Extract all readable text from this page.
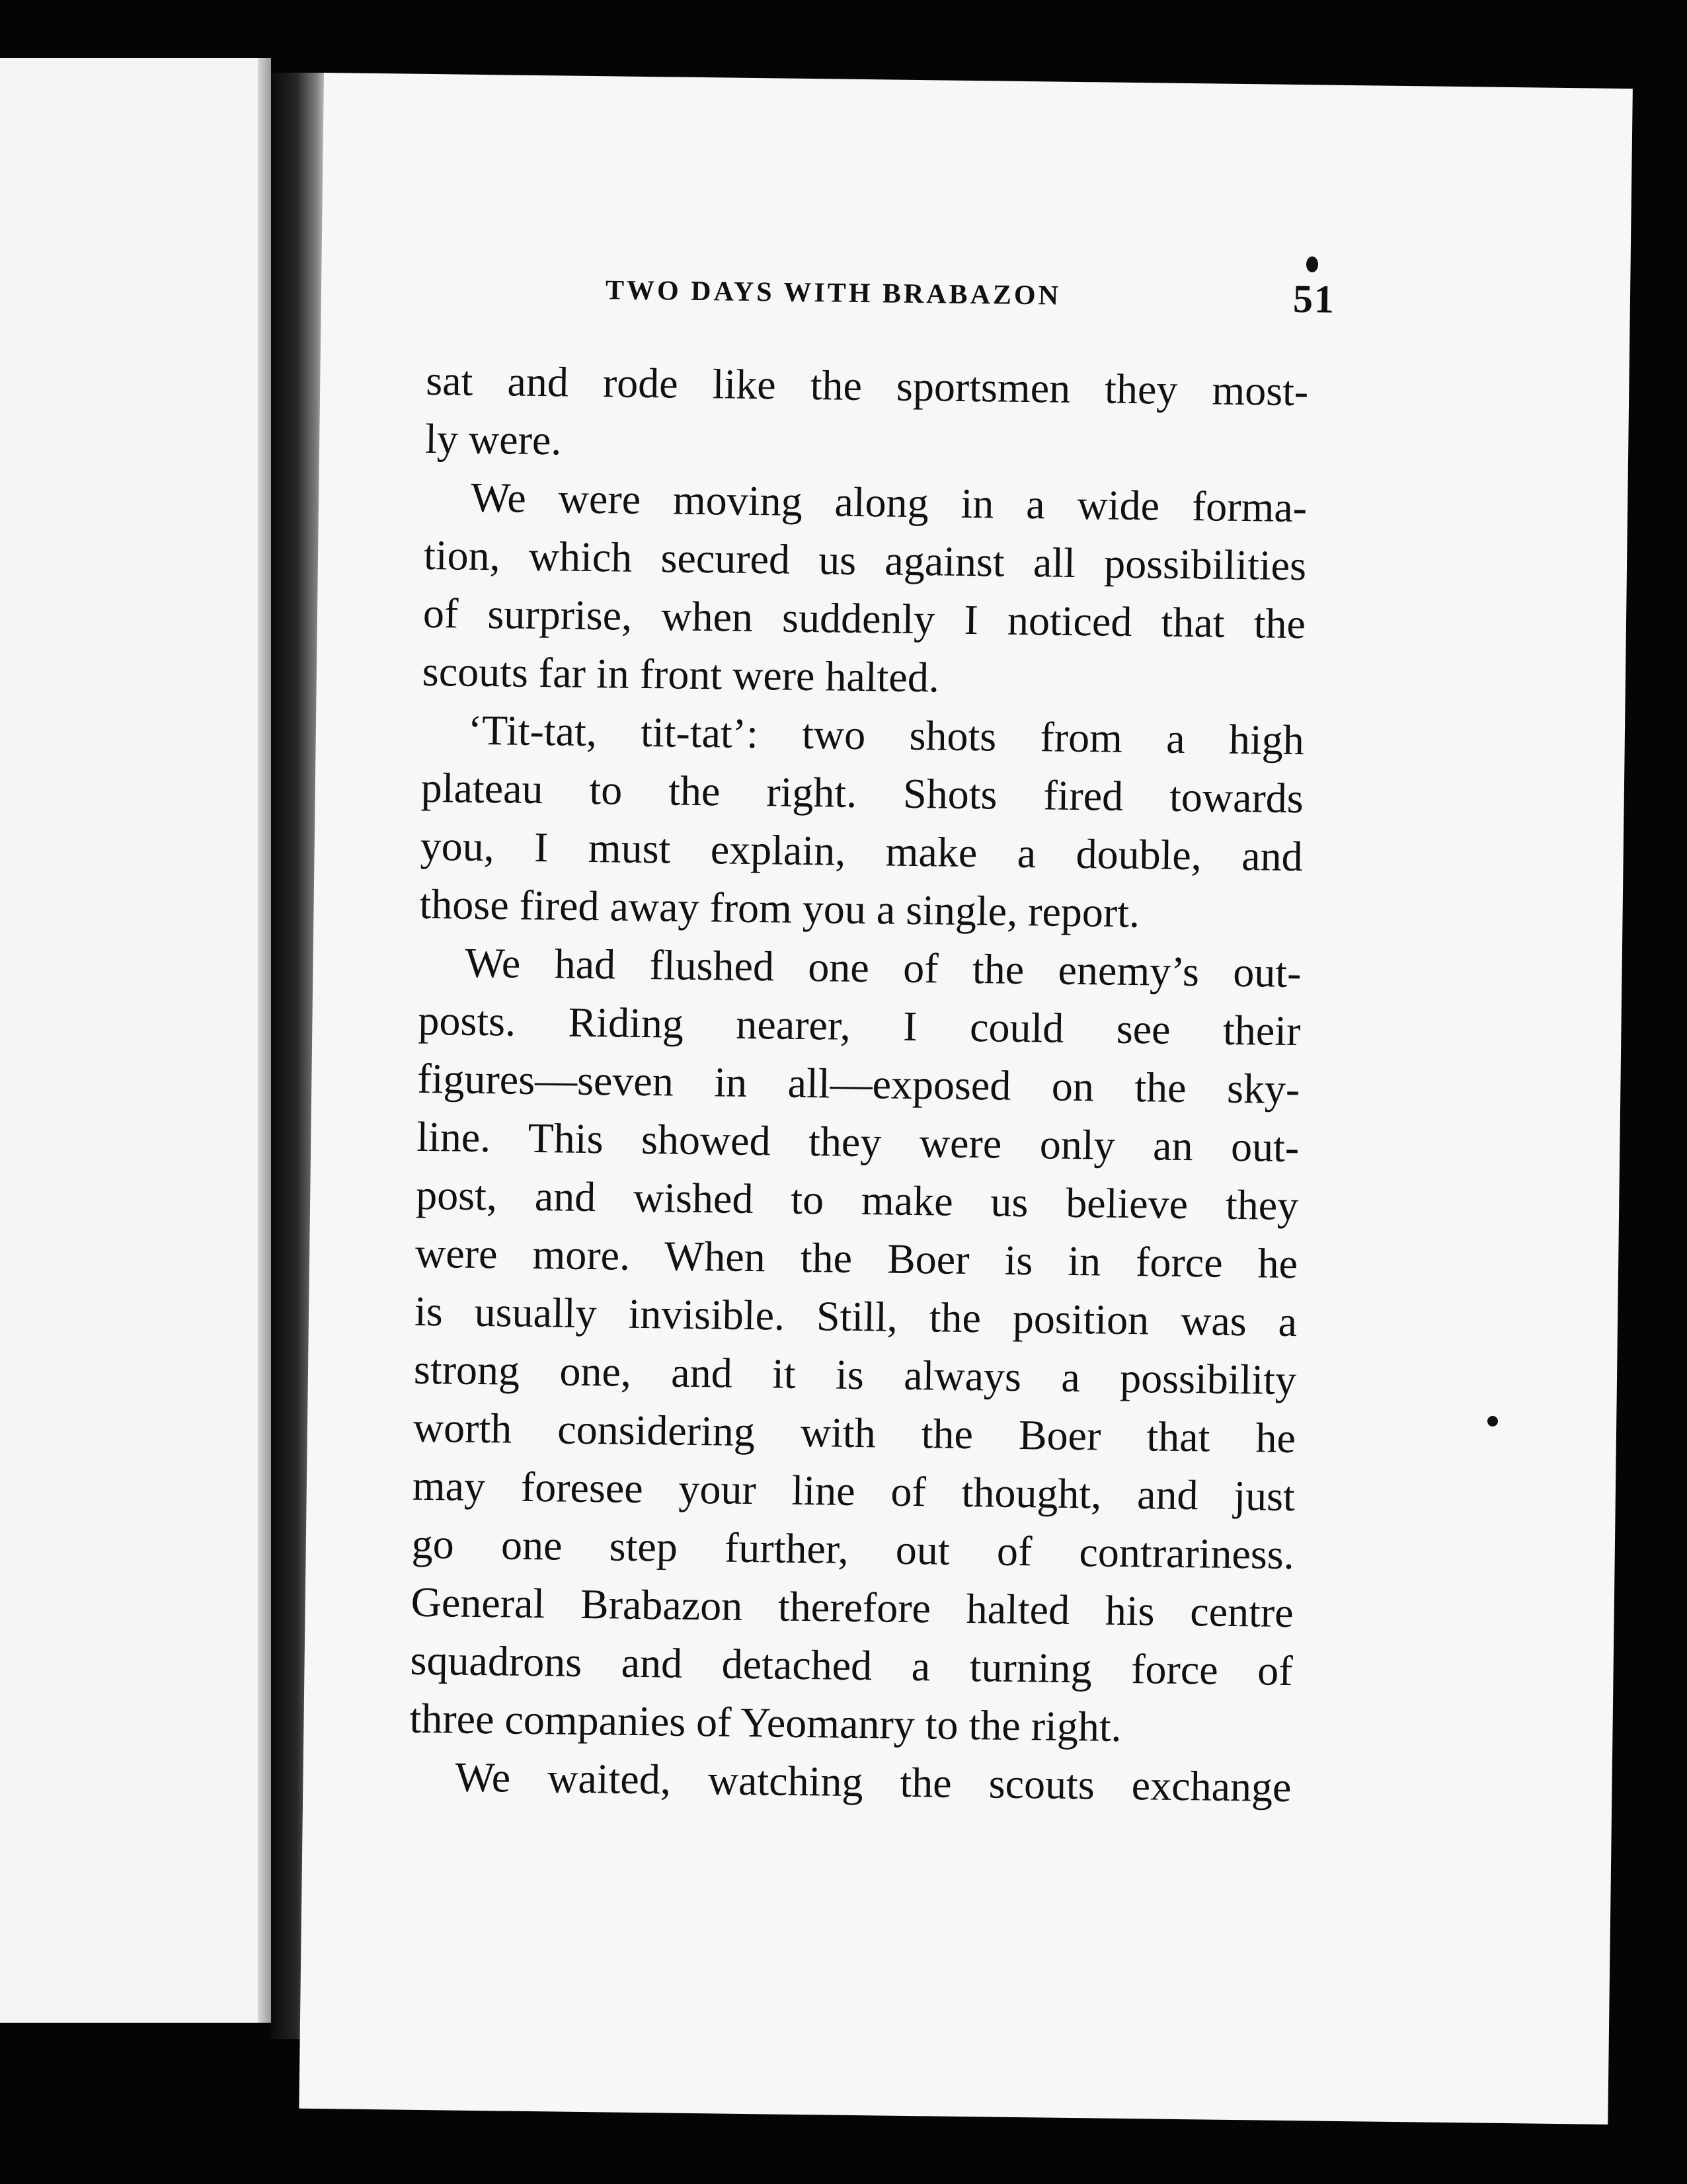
TWO DAYS WITH BRABAZON	51
sat and rode like the sportsmen they most-
ly were.
We were moving along in a wide forma-
tion, which secured us against all possibilities
of surprise, when suddenly I noticed that the
scouts far in front were halted.
‘Tit-tat, tit-tat’: two shots from a high
plateau to the right. Shots fired towards
you, I must explain, make a double, and
those fired away from you a single, report.
We had flushed one of the enemy’s out-
posts. Riding nearer, I could see their
figures—seven in all—exposed on the sky-
line. This showed they were only an out-
post, and wished to make us believe they
were more. When the Boer is in force he
is usually invisible. Still, the position was a
strong one, and it is always a possibility
worth considering with the Boer that he
may foresee your line of thought, and just
go one step further, out of contrariness.
General Brabazon therefore halted his centre
squadrons and detached a turning force of
three companies of Yeomanry to the right.
We waited, watching the scouts exchange
